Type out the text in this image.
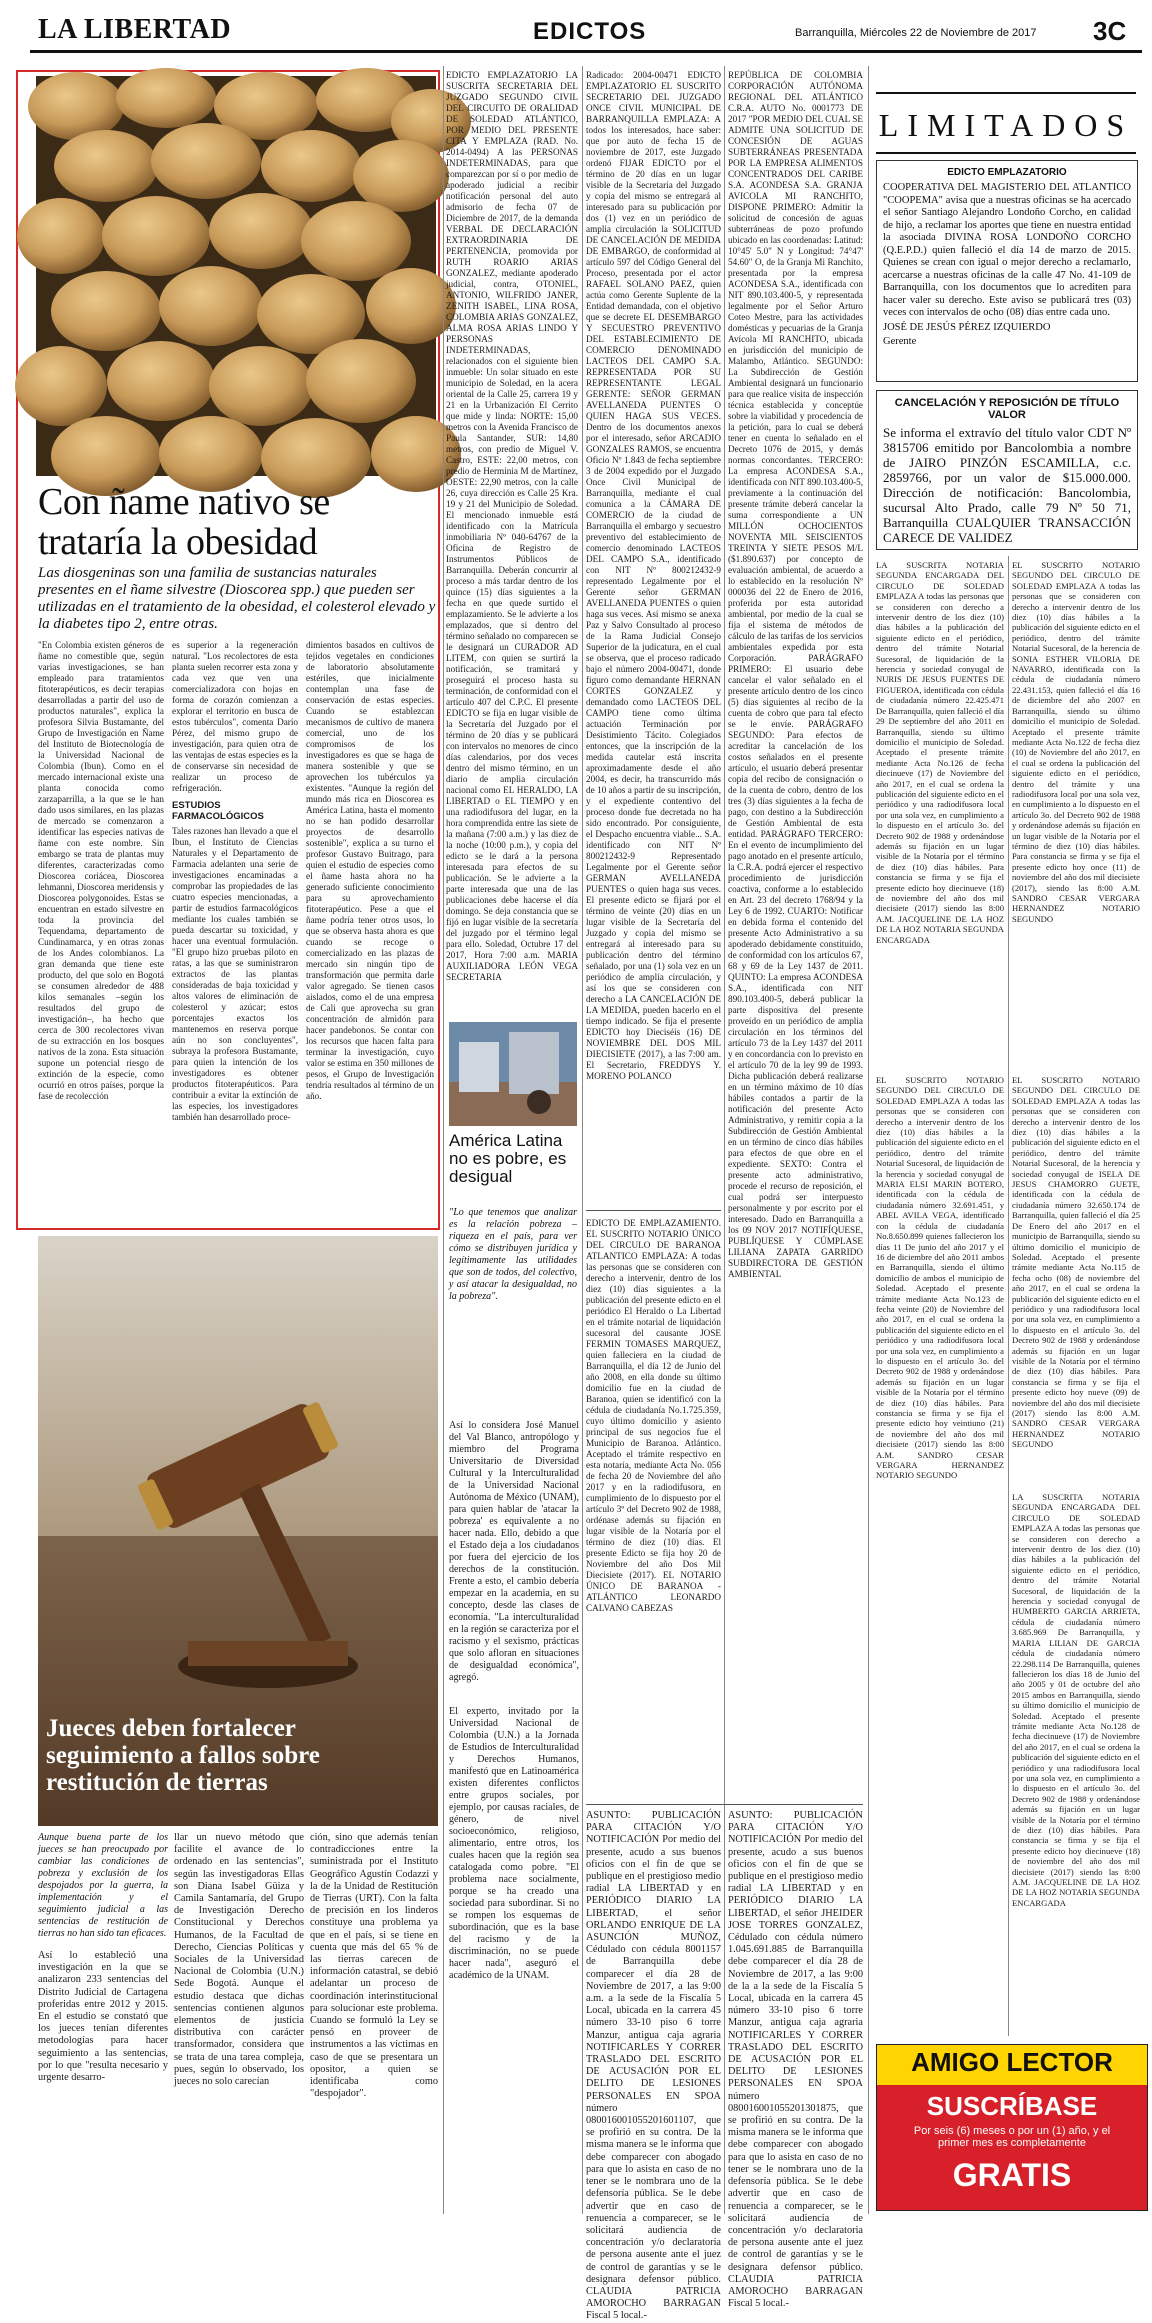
LA LIBERTAD	EDICTOS	Barranquilla, Miércoles 22 de Noviembre de 2017 3C
Con ñame nativo se trataría la obesidad
Las diosgeninas son una familia de sustancias naturales presentes en el ñame silvestre (Dioscorea spp.) que pueden ser utilizadas en el tratamiento de la obesidad, el colesterol elevado y la diabetes tipo 2, entre otras.

"En Colombia existen géneros de ñame no comestible que, según varias investigaciones, se han empleado para tratamientos fitoterapéuticos, es decir terapias desarrolladas a partir del uso de productos naturales", explica la profesora Silvia Bustamante, del Grupo de Investigación en Ñame del Instituto de Biotecnología de la Universidad Nacional de Colombia (Ibun). Como en el mercado internacional existe una planta conocida como zarzaparrilla, a la que se le han dado usos similares, en las plazas de mercado se comenzaron a identificar las especies nativas de ñame con este nombre. Sin embargo se trata de plantas muy diferentes, caracterizadas como Dioscorea coriácea, Dioscorea lehmanni, Dioscorea meridensis y Dioscorea polygonoides. Estas se encuentran en estado silvestre en toda la provincia del Tequendama, departamento de Cundinamarca, y en otras zonas de los Andes colombianos. La gran demanda que tiene este producto, del que solo en Bogotá se consumen alrededor de 488 kilos semanales –según los resultados del grupo de investigación–, ha hecho que cerca de 300 recolectores vivan de su extracción en los bosques nativos de la zona. Esta situación supone un potencial riesgo de extinción de la especie, como ocurrió en otros países, porque la fase de recolección

es superior a la regeneración natural. "Los recolectores de esta planta suelen recorrer esta zona y cada vez que ven una comercializadora con hojas en forma de corazón comienzan a explorar el territorio en busca de estos tubérculos", comenta Darío Pérez, del mismo grupo de investigación, para quien otra de las ventajas de estas especies es la de conservarse sin necesidad de realizar un proceso de refrigeración.

ESTUDIOS FARMACOLÓGICOS

Tales razones han llevado a que el Ibun, el Instituto de Ciencias Naturales y el Departamento de Farmacia adelanten una serie de investigaciones encaminadas a comprobar las propiedades de las cuatro especies mencionadas, a partir de estudios farmacológicos mediante los cuales también se pueda descartar su toxicidad, y hacer una eventual formulación. "El grupo hizo pruebas piloto en ratas, a las que se suministraron extractos de las plantas consideradas de baja toxicidad y altos valores de eliminación de colesterol y azúcar; estos porcentajes exactos los mantenemos en reserva porque aún no son concluyentes", subraya la profesora Bustamante, para quien la intención de los investigadores es obtener productos fitoterapéuticos. Para contribuir a evitar la extinción de las especies, los investigadores también han desarrollado proce-

dimientos basados en cultivos de tejidos vegetales en condiciones de laboratorio absolutamente estériles, que inicialmente contemplan una fase de conservación de estas especies. Cuando se establezcan mecanismos de cultivo de manera comercial, uno de los compromisos de los investigadores es que se haga de manera sostenible y que se aprovechen los tubérculos ya existentes. "Aunque la región del mundo más rica en Dioscorea es América Latina, hasta el momento no se han podido desarrollar proyectos de desarrollo sostenible", explica a su turno el profesor Gustavo Buitrago, para quien el estudio de especies como el ñame hasta ahora no ha generado suficiente conocimiento para su aprovechamiento fitoterapéutico. Pese a que el ñame podría tener otros usos, lo que se observa hasta ahora es que cuando se recoge o comercializado en las plazas de mercado sin ningún tipo de transformación que permita darle valor agregado. Se tienen casos aislados, como el de una empresa de Cali que aprovecha su gran concentración de almidón para hacer pandebonos. Se contar con los recursos que hacen falta para terminar la investigación, cuyo valor se estima en 350 millones de pesos, el Grupo de Investigación tendría resultados al término de un año.

EDICTO EMPLAZATORIO LA SUSCRITA SECRETARIA DEL JUZGADO SEGUNDO CIVIL DEL CIRCUITO DE ORALIDAD DE SOLEDAD ATLÁNTICO, POR MEDIO DEL PRESENTE CITA Y EMPLAZA (RAD. No. 2014-0494) A las PERSONAS INDETERMINADAS, para que comparezcan por sí o por medio de apoderado judicial a recibir notificación personal del auto admisorio de fecha 07 de Diciembre de 2017, de la demanda VERBAL DE DECLARACIÓN EXTRAORDINARIA DE PERTENENCIA, promovida por RUTH ROARIO ARIAS GONZALEZ, mediante apoderado judicial, contra, OTONIEL, ANTONIO, WILFRIDO JANER, ZENITH ISABEL, LINA ROSA, COLOMBIA ARIAS GONZALEZ, ALMA ROSA ARIAS LINDO Y PERSONAS INDETERMINADAS, relacionados con el siguiente bien inmueble: Un solar situado en este municipio de Soledad, en la acera oriental de la Calle 25, carrera 19 y 21 en la Urbanización El Cerrito que mide y linda: NORTE: 15,00 metros con la Avenida Francisco de Paula Santander, SUR: 14,80 metros, con predio de Miguel V. Castro, ESTE: 22,00 metros, con predio de Herminia M de Martínez, OESTE: 22,90 metros, con la calle 26, cuya dirección es Calle 25 Kra. 19 y 21 del Municipio de Soledad. El mencionado inmueble está identificado con la Matrícula inmobiliaria Nº 040-64767 de la Oficina de Registro de Instrumentos Públicos de Barranquilla. Deberán concurrir al proceso a más tardar dentro de los quince (15) días siguientes a la fecha en que quede surtido el emplazamiento. Se le advierte a los emplazados, que si dentro del término señalado no comparecen se le designará un CURADOR AD LITEM, con quien se surtirá la notificación, se tramitará y proseguirá el proceso hasta su terminación, de conformidad con el artículo 407 del C.P.C. El presente EDICTO se fija en lugar visible de la Secretaría del Juzgado por el término de 20 días y se publicará con intervalos no menores de cinco días calendarios, por dos veces dentro del mismo término, en un diario de amplia circulación nacional como EL HERALDO, LA LIBERTAD o EL TIEMPO y en una radiodifusora del lugar, en la hora comprendida entre las siete de la mañana (7:00 a.m.) y las diez de la noche (10:00 p.m.), y copia del edicto se le dará a la persona interesada para efectos de su publicación. Se le advierte a la parte interesada que una de las publicaciones debe hacerse el día domingo. Se deja constancia que se fijó en lugar visible de la secretaría del juzgado por el término legal para ello. Soledad, Octubre 17 del 2017, Hora 7:00 a.m. MARIA AUXILIADORA LEÓN VEGA SECRETARIA

América Latina no es pobre, es desigual
"Lo que tenemos que analizar es la relación pobreza – riqueza en el país, para ver cómo se distribuyen jurídica y legítimamente las utilidades que son de todos, del colectivo, y así atacar la desigualdad, no la pobreza".

Así lo considera José Manuel del Val Blanco, antropólogo y miembro del Programa Universitario de Diversidad Cultural y la Interculturalidad de la Universidad Nacional Autónoma de México (UNAM), para quien hablar de 'atacar la pobreza' es equivalente a no hacer nada. Ello, debido a que el Estado deja a los ciudadanos por fuera del ejercicio de los derechos de la constitución. Frente a esto, el cambio debería empezar en la academia, en su concepto, desde las clases de economía. "La interculturalidad en la región se caracteriza por el racismo y el sexismo, prácticas que solo afloran en situaciones de desigualdad económica", agregó.

El experto, invitado por la Universidad Nacional de Colombia (U.N.) a la Jornada de Estudios de Interculturalidad y Derechos Humanos, manifestó que en Latinoamérica existen diferentes conflictos entre grupos sociales, por ejemplo, por causas raciales, de género, de nivel socioeconómico, religioso, alimentario, entre otros, los cuales hacen que la región sea catalogada como pobre. "El problema nace socialmente, porque se ha creado una sociedad para subordinar. Si no se rompen los esquemas de subordinación, que es la base del racismo y de la discriminación, no se puede hacer nada", aseguró el académico de la UNAM.

Radicado: 2004-00471 EDICTO EMPLAZATORIO EL SUSCRITO SECRETARIO DEL JUZGADO ONCE CIVIL MUNICIPAL DE BARRANQUILLA EMPLAZA: A todos los interesados, hace saber: que por auto de fecha 15 de noviembre de 2017, este Juzgado ordenó FIJAR EDICTO por el término de 20 días en un lugar visible de la Secretaría del Juzgado y copia del mismo se entregará al interesado para su publicación por dos (1) vez en un periódico de amplia circulación la SOLICITUD DE CANCELACIÓN DE MEDIDA DE EMBARGO, de conformidad al artículo 597 del Código General del Proceso, presentada por el actor RAFAEL SOLANO PAEZ, quien actúa como Gerente Suplente de la Entidad demandada, con el objetivo que se decrete EL DESEMBARGO Y SECUESTRO PREVENTIVO DEL ESTABLECIMIENTO DE COMERCIO DENOMINADO LACTEOS DEL CAMPO S.A. REPRESENTADA POR SU REPRESENTANTE LEGAL GERENTE: SEÑOR GERMAN AVELLANEDA PUENTES O QUIEN HAGA SUS VECES. Dentro de los documentos anexos por el interesado, señor ARCADIO GONZALES RAMOS, se encuentra Oficio Nº 1.843 de fecha septiembre 3 de 2004 expedido por el Juzgado Once Civil Municipal de Barranquilla, mediante el cual comunica a la CÁMARA DE COMERCIO de la ciudad de Barranquilla el embargo y secuestro preventivo del establecimiento de comercio denominado LACTEOS DEL CAMPO S.A., identificado con NIT Nº 800212432-9 representado Legalmente por el Gerente señor GERMAN AVELLANEDA PUENTES o quien haga sus veces. Así mismo se anexa Paz y Salvo Consultado al proceso de la Rama Judicial Consejo Superior de la judicatura, en el cual se observa, que el proceso radicado bajo el número 2004-00471, donde figuro como demandante HERNAN CORTES GONZALEZ y demandado como LACTEOS DEL CAMPO tiene como última actuación Terminación por Desistimiento Tácito. Colegiados entonces, que la inscripción de la medida cautelar está inscrita aproximadamente desde el año 2004, es decir, ha transcurrido más de 10 años a partir de su inscripción, y el expediente contentivo del proceso donde fue decretada no ha sido encontrado. Por consiguiente, el Despacho encuentra viable... S.A. identificado con NIT Nº 800212432-9 Representado Legalmente por el Gerente señor GERMAN AVELLANEDA PUENTES o quien haga sus veces. El presente edicto se fijará por el término de veinte (20) días en un lugar visible de la Secretaría del Juzgado y copia del mismo se entregará al interesado para su publicación dentro del término señalado, por una (1) sola vez en un periódico de amplia circulación, y así los que se consideren con derecho a LA CANCELACIÓN DE LA MEDIDA, pueden hacerlo en el tiempo indicado. Se fija el presente EDICTO hoy Dieciséis (16) DE NOVIEMBRE DEL DOS MIL DIECISIETE (2017), a las 7:00 am. El Secretario, FREDDYS Y. MORENO POLANCO

EDICTO DE EMPLAZAMIENTO. EL SUSCRITO NOTARIO ÚNICO DEL CIRCULO DE BARANOA ATLANTICO EMPLAZA: A todas las personas que se consideren con derecho a intervenir, dentro de los diez (10) días siguientes a la publicación del presente edicto en el periódico El Heraldo o La Libertad en el trámite notarial de liquidación sucesoral del causante JOSE FERMIN TOMASES MARQUEZ, quien falleciera en la ciudad de Barranquilla, el día 12 de Junio del año 2008, en ella donde su último domicilio fue en la ciudad de Baranoa, quien se identificó con la cédula de ciudadanía No.1.725.359, cuyo último domicilio y asiento principal de sus negocios fue el Municipio de Baranoa. Atlántico. Aceptado el trámite respectivo en esta notaría, mediante Acta No. 056 de fecha 20 de Noviembre del año 2017 y en la radiodifusora, en cumplimiento de lo dispuesto por el artículo 3º del Decreto 902 de 1988, ordénase además su fijación en lugar visible de la Notaría por el término de diez (10) días. El presente Edicto se fija hoy 20 de Noviembre del año Dos Mil Diecisiete (2017). EL NOTARIO ÚNICO DE BARANOA -ATLÁNTICO LEONARDO CALVANO CABEZAS

ASUNTO: PUBLICACIÓN PARA CITACIÓN Y/O NOTIFICACIÓN Por medio del presente, acudo a sus buenos oficios con el fin de que se publique en el prestigioso medio radial LA LIBERTAD y en PERIÓDICO DIARIO LA LIBERTAD, el señor ORLANDO ENRIQUE DE LA ASUNCIÓN MUÑOZ, Cédulado con cédula 8001157 de Barranquilla debe comparecer el día 28 de Noviembre de 2017, a las 9:00 a.m. a la sede de la Fiscalía 5 Local, ubicada en la carrera 45 número 33-10 piso 6 torre Manzur, antigua caja agraria NOTIFICARLES Y CORRER TRASLADO DEL ESCRITO DE ACUSACIÓN POR EL DELITO DE LESIONES PERSONALES EN SPOA número 080016001055201601107, que se profirió en su contra. De la misma manera se le informa que debe comparecer con abogado para que lo asista en caso de no tener se le nombrara uno de la defensoría pública. Se le debe advertir que en caso de renuencia a comparecer, se le solicitará audiencia de concentración y/o declaratoria de persona ausente ante el juez de control de garantías y se le designara defensor público. CLAUDIA PATRICIA AMOROCHO BARRAGAN Fiscal 5 local.-

REPÚBLICA DE COLOMBIA CORPORACIÓN AUTÓNOMA REGIONAL DEL ATLÁNTICO C.R.A. AUTO No. 0001773 DE 2017 "POR MEDIO DEL CUAL SE ADMITE UNA SOLICITUD DE CONCESIÓN DE AGUAS SUBTERRÁNEAS PRESENTADA POR LA EMPRESA ALIMENTOS CONCENTRADOS DEL CARIBE S.A. ACONDESA S.A. GRANJA AVICOLA MI RANCHITO, DISPONE PRIMERO: Admitir la solicitud de concesión de aguas subterráneas de pozo profundo ubicado en las coordenadas: Latitud: 10°45' 5.0" N y Longitud: 74°47' 54.60" O, de la Granja Mi Ranchito, presentada por la empresa ACONDESA S.A., identificada con NIT 890.103.400-5, y representada legalmente por el Señor Arturo Coteo Mestre, para las actividades domésticas y pecuarias de la Granja Avícola MI RANCHITO, ubicada en jurisdicción del municipio de Malambo, Atlántico. SEGUNDO: La Subdirección de Gestión Ambiental designará un funcionario para que realice visita de inspección técnica establecida y conceptúe sobre la viabilidad y procedencia de la petición, para lo cual se deberá tener en cuenta lo señalado en el Decreto 1076 de 2015, y demás normas concordantes. TERCERO: La empresa ACONDESA S.A., identificada con NIT 890.103.400-5, previamente a la continuación del presente trámite deberá cancelar la suma correspondiente a UN MILLÓN OCHOCIENTOS NOVENTA MIL SEISCIENTOS TREINTA Y SIETE PESOS M/L ($1.890.637) por concepto de evaluación ambiental, de acuerdo a lo establecido en la resolución Nº 000036 del 22 de Enero de 2016, proferida por esta autoridad ambiental, por medio de la cual se fija el sistema de métodos de cálculo de las tarifas de los servicios ambientales expedida por esta Corporación. PARÁGRAFO PRIMERO: El usuario debe cancelar el valor señalado en el presente artículo dentro de los cinco (5) días siguientes al recibo de la cuenta de cobro que para tal efecto se le envíe. PARÁGRAFO SEGUNDO: Para efectos de acreditar la cancelación de los costos señalados en el presente artículo, el usuario deberá presentar copia del recibo de consignación o de la cuenta de cobro, dentro de los tres (3) días siguientes a la fecha de pago, con destino a la Subdirección de Gestión Ambiental de esta entidad. PARÁGRAFO TERCERO: En el evento de incumplimiento del pago anotado en el presente artículo, la C.R.A. podrá ejercer el respectivo procedimiento de jurisdicción coactiva, conforme a lo establecido en Art. 23 del decreto 1768/94 y la Ley 6 de 1992. CUARTO: Notificar en debida forma el contenido del presente Acto Administrativo a su apoderado debidamente constituido, de conformidad con los artículos 67, 68 y 69 de la Ley 1437 de 2011. QUINTO: La empresa ACONDESA S.A., identificada con NIT 890.103.400-5, deberá publicar la parte dispositiva del presente proveído en un periódico de amplia circulación en los términos del artículo 73 de la Ley 1437 del 2011 y en concordancia con lo previsto en el artículo 70 de la ley 99 de 1993. Dicha publicación deberá realizarse en un término máximo de 10 días hábiles contados a partir de la notificación del presente Acto Administrativo, y remitir copia a la Subdirección de Gestión Ambiental en un término de cinco días hábiles para efectos de que obre en el expediente. SEXTO: Contra el presente acto administrativo, procede el recurso de reposición, el cual podrá ser interpuesto personalmente y por escrito por el interesado. Dado en Barranquilla a los 09 NOV 2017 NOTIFÍQUESE, PUBLÍQUESE Y CÚMPLASE LILIANA ZAPATA GARRIDO SUBDIRECTORA DE GESTIÓN AMBIENTAL

ASUNTO: PUBLICACIÓN PARA CITACIÓN Y/O NOTIFICACIÓN Por medio del presente, acudo a sus buenos oficios con el fin de que se publique en el prestigioso medio radial LA LIBERTAD y en PERIÓDICO DIARIO LA LIBERTAD, el señor JHEIDER JOSE TORRES GONZALEZ, Cédulado con cédula número 1.045.691.885 de Barranquilla debe comparecer el día 28 de Noviembre de 2017, a las 9:00 de la a la sede de la Fiscalía 5 Local, ubicada en la carrera 45 número 33-10 piso 6 torre Manzur, antigua caja agraria NOTIFICARLES Y CORRER TRASLADO DEL ESCRITO DE ACUSACIÓN POR EL DELITO DE LESIONES PERSONALES EN SPOA número 080016001055201301875, que se profirió en su contra. De la misma manera se le informa que debe comparecer con abogado para que lo asista en caso de no tener se le nombrara uno de la defensoría pública. Se le debe advertir que en caso de renuencia a comparecer, se le solicitará audiencia de concentración y/o declaratoria de persona ausente ante el juez de control de garantías y se le designara defensor público. CLAUDIA PATRICIA AMOROCHO BARRAGAN Fiscal 5 local.-

Jueces deben fortalecer seguimiento a fallos sobre restitución de tierras
Aunque buena parte de los jueces se han preocupado por cambiar las condiciones de pobreza y exclusión de los despojados por la guerra, la implementación y el seguimiento judicial a las sentencias de restitución de tierras no han sido tan eficaces.

Así lo estableció una investigación en la que se analizaron 233 sentencias del Distrito Judicial de Cartagena proferidas entre 2012 y 2015. En el estudio se constató que los jueces tenían diferentes metodologías para hacer seguimiento a las sentencias, por lo que "resulta necesario y urgente desarro-

llar un nuevo método que facilite el avance de lo ordenado en las sentencias", según las investigadoras Ellas son Diana Isabel Güiza y Camila Santamaría, del Grupo de Investigación Derecho Constitucional y Derechos Humanos, de la Facultad de Derecho, Ciencias Políticas y Sociales de la Universidad Nacional de Colombia (U.N.) Sede Bogotá. Aunque el estudio destaca que dichas sentencias contienen algunos elementos de justicia distributiva con carácter transformador, considera que se trata de una tarea compleja, pues, según lo observado, los jueces no solo carecían

ción, sino que además tenían contradicciones entre la suministrada por el Instituto Geográfico Agustín Codazzi y la de la Unidad de Restitución de Tierras (URT). Con la falta de precisión en los linderos constituye una problema ya que en el país, si se tiene en cuenta que más del 65 % de las tierras carecen de información catastral, se debió adelantar un proceso de coordinación interinstitucional para solucionar este problema. Cuando se formuló la Ley se pensó en proveer de instrumentos a las víctimas en caso de que se presentara un opositor, a quien se identificaba como "despojador".

LIMITADOS
EDICTO EMPLAZATORIO

COOPERATIVA DEL MAGISTERIO DEL ATLANTICO "COOPEMA" avisa que a nuestras oficinas se ha acercado el señor Santiago Alejandro Londoño Corcho, en calidad de hijo, a reclamar los aportes que tiene en nuestra entidad la asociada DIVINA ROSA LONDOÑO CORCHO (Q.E.P.D.) quien falleció el día 14 de marzo de 2015. Quienes se crean con igual o mejor derecho a reclamarlo, acercarse a nuestras oficinas de la calle 47 No. 41-109 de Barranquilla, con los documentos que lo acrediten para hacer valer su derecho. Este aviso se publicará tres (03) veces con intervalos de ocho (08) días entre cada uno.

JOSÉ DE JESÚS PÉREZ IZQUIERDO

Gerente

CANCELACIÓN Y REPOSICIÓN DE TÍTULO VALOR

Se informa el extravío del título valor CDT Nº 3815706 emitido por Bancolombia a nombre de JAIRO PINZÓN ESCAMILLA, c.c. 2859766, por un valor de $15.000.000. Dirección de notificación: Bancolombia, sucursal Alto Prado, calle 79 Nº 50 71, Barranquilla CUALQUIER TRANSACCIÓN CARECE DE VALIDEZ

LA SUSCRITA NOTARIA SEGUNDA ENCARGADA DEL CIRCULO DE SOLEDAD EMPLAZA A todas las personas que se consideren con derecho a intervenir dentro de los diez (10) días hábiles a la publicación del siguiente edicto en el periódico, dentro del trámite Notarial Sucesoral, de liquidación de la herencia y sociedad conyugal de NURIS DE JESUS FUENTES DE FIGUEROA, identificada con cédula de ciudadanía número 22.425.471 De Barranquilla, quien falleció el día 29 De septiembre del año 2011 en Barranquilla, siendo su último domicilio el municipio de Soledad. Aceptado el presente trámite mediante Acta No.126 de fecha diecinueve (17) de Noviembre del año 2017, en el cual se ordena la publicación del siguiente edicto en el periódico y una radiodifusora local por una sola vez, en cumplimiento a lo dispuesto en el artículo 3o. del Decreto 902 de 1988 y ordenándose además su fijación en un lugar visible de la Notaría por el término de diez (10) días hábiles. Para constancia se firma y se fija el presente edicto hoy diecinueve (18) de noviembre del año dos mil diecisiete (2017) siendo las 8:00 A.M. JACQUELINE DE LA HOZ DE LA HOZ NOTARIA SEGUNDA ENCARGADA

EL SUSCRITO NOTARIO SEGUNDO DEL CIRCULO DE SOLEDAD EMPLAZA A todas las personas que se consideren con derecho a intervenir dentro de los diez (10) días hábiles a la publicación del siguiente edicto en el periódico, dentro del trámite Notarial Sucesoral, de la herencia de SONIA ESTHER VILORIA DE NAVARRO, identificada con la cédula de ciudadanía número 22.431.153, quien falleció el día 16 de diciembre del año 2007 en Barranquilla, siendo su último domicilio el municipio de Soledad. Aceptado el presente trámite mediante Acta No.122 de fecha diez (10) de Noviembre del año 2017, en el cual se ordena la publicación del siguiente edicto en el periódico, dentro del trámite y una radiodifusora local por una sola vez, en cumplimiento a lo dispuesto en el artículo 3o. del Decreto 902 de 1988 y ordenándose además su fijación en un lugar visible de la Notaría por el término de diez (10) días hábiles. Para constancia se firma y se fija el presente edicto hoy once (11) de noviembre del año dos mil diecisiete (2017), siendo las 8:00 A.M. SANDRO CESAR VERGARA HERNANDEZ NOTARIO SEGUNDO

EL SUSCRITO NOTARIO SEGUNDO DEL CIRCULO DE SOLEDAD EMPLAZA A todas las personas que se consideren con derecho a intervenir dentro de los diez (10) días hábiles a la publicación del siguiente edicto en el periódico, dentro del trámite Notarial Sucesoral, de liquidación de la herencia y sociedad conyugal de MARIA ELSI MARIN BOTERO, identificada con la cédula de ciudadanía número 32.691.451, y ABEL AVILA VEGA, identificado con la cédula de ciudadanía No.8.650.899 quienes fallecieron los días 11 De junio del año 2017 y el 16 de diciembre del año 2011 ambos en Barranquilla, siendo el último domicilio de ambos el municipio de Soledad. Aceptado el presente trámite mediante Acta No.123 de fecha veinte (20) de Noviembre del año 2017, en el cual se ordena la publicación del siguiente edicto en el periódico y una radiodifusora local por una sola vez, en cumplimiento a lo dispuesto en el artículo 3o. del Decreto 902 de 1988 y ordenándose además su fijación en un lugar visible de la Notaría por el término de diez (10) días hábiles. Para constancia se firma y se fija el presente edicto hoy veintiuno (21) de noviembre del año dos mil diecisiete (2017) siendo las 8:00 A.M. SANDRO CESAR VERGARA HERNANDEZ NOTARIO SEGUNDO

EL SUSCRITO NOTARIO SEGUNDO DEL CIRCULO DE SOLEDAD EMPLAZA A todas las personas que se consideren con derecho a intervenir dentro de los diez (10) días hábiles a la publicación del siguiente edicto en el periódico, dentro del trámite Notarial Sucesoral, de la herencia y sociedad conyugal de ISELA DE JESUS CHAMORRO GUETE, identificada con la cédula de ciudadanía número 32.650.174 de Barranquilla, quien falleció el día 25 De Enero del año 2017 en el municipio de Barranquilla, siendo su último domicilio el municipio de Soledad. Aceptado el presente trámite mediante Acta No.115 de fecha ocho (08) de noviembre del año 2017, en el cual se ordena la publicación del siguiente edicto en el periódico y una radiodifusora local por una sola vez, en cumplimiento a lo dispuesto en el artículo 3o. del Decreto 902 de 1988 y ordenándose además su fijación en un lugar visible de la Notaría por el término de diez (10) días hábiles. Para constancia se firma y se fija el presente edicto hoy nueve (09) de noviembre del año dos mil diecisiete (2017) siendo las 8:00 A.M. SANDRO CESAR VERGARA HERNANDEZ NOTARIO SEGUNDO

LA SUSCRITA NOTARIA SEGUNDA ENCARGADA DEL CIRCULO DE SOLEDAD EMPLAZA A todas las personas que se consideren con derecho a intervenir dentro de los diez (10) días hábiles a la publicación del siguiente edicto en el periódico, dentro del trámite Notarial Sucesoral, de liquidación de la herencia y sociedad conyugal de HUMBERTO GARCIA ARRIETA, cédula de ciudadanía número 3.685.969 De Barranquilla, y MARIA LILIAN DE GARCIA cédula de ciudadanía número 22.298.114 De Barranquilla, quienes fallecieron los días 18 de Junio del año 2005 y 01 de octubre del año 2015 ambos en Barranquilla, siendo su último domicilio el municipio de Soledad. Aceptado el presente trámite mediante Acta No.128 de fecha diecinueve (17) de Noviembre del año 2017, en el cual se ordena la publicación del siguiente edicto en el periódico y una radiodifusora local por una sola vez, en cumplimiento a lo dispuesto en el artículo 3o. del Decreto 902 de 1988 y ordenándose además su fijación en un lugar visible de la Notaría por el término de diez (10) días hábiles. Para constancia se firma y se fija el presente edicto hoy diecinueve (18) de noviembre del año dos mil diecisiete (2017) siendo las 8:00 A.M. JACQUELINE DE LA HOZ DE LA HOZ NOTARIA SEGUNDA ENCARGADA

AMIGO LECTOR
SUSCRÍBASE
Por seis (6) meses o por un (1) año, y el primer mes es completamente
GRATIS
